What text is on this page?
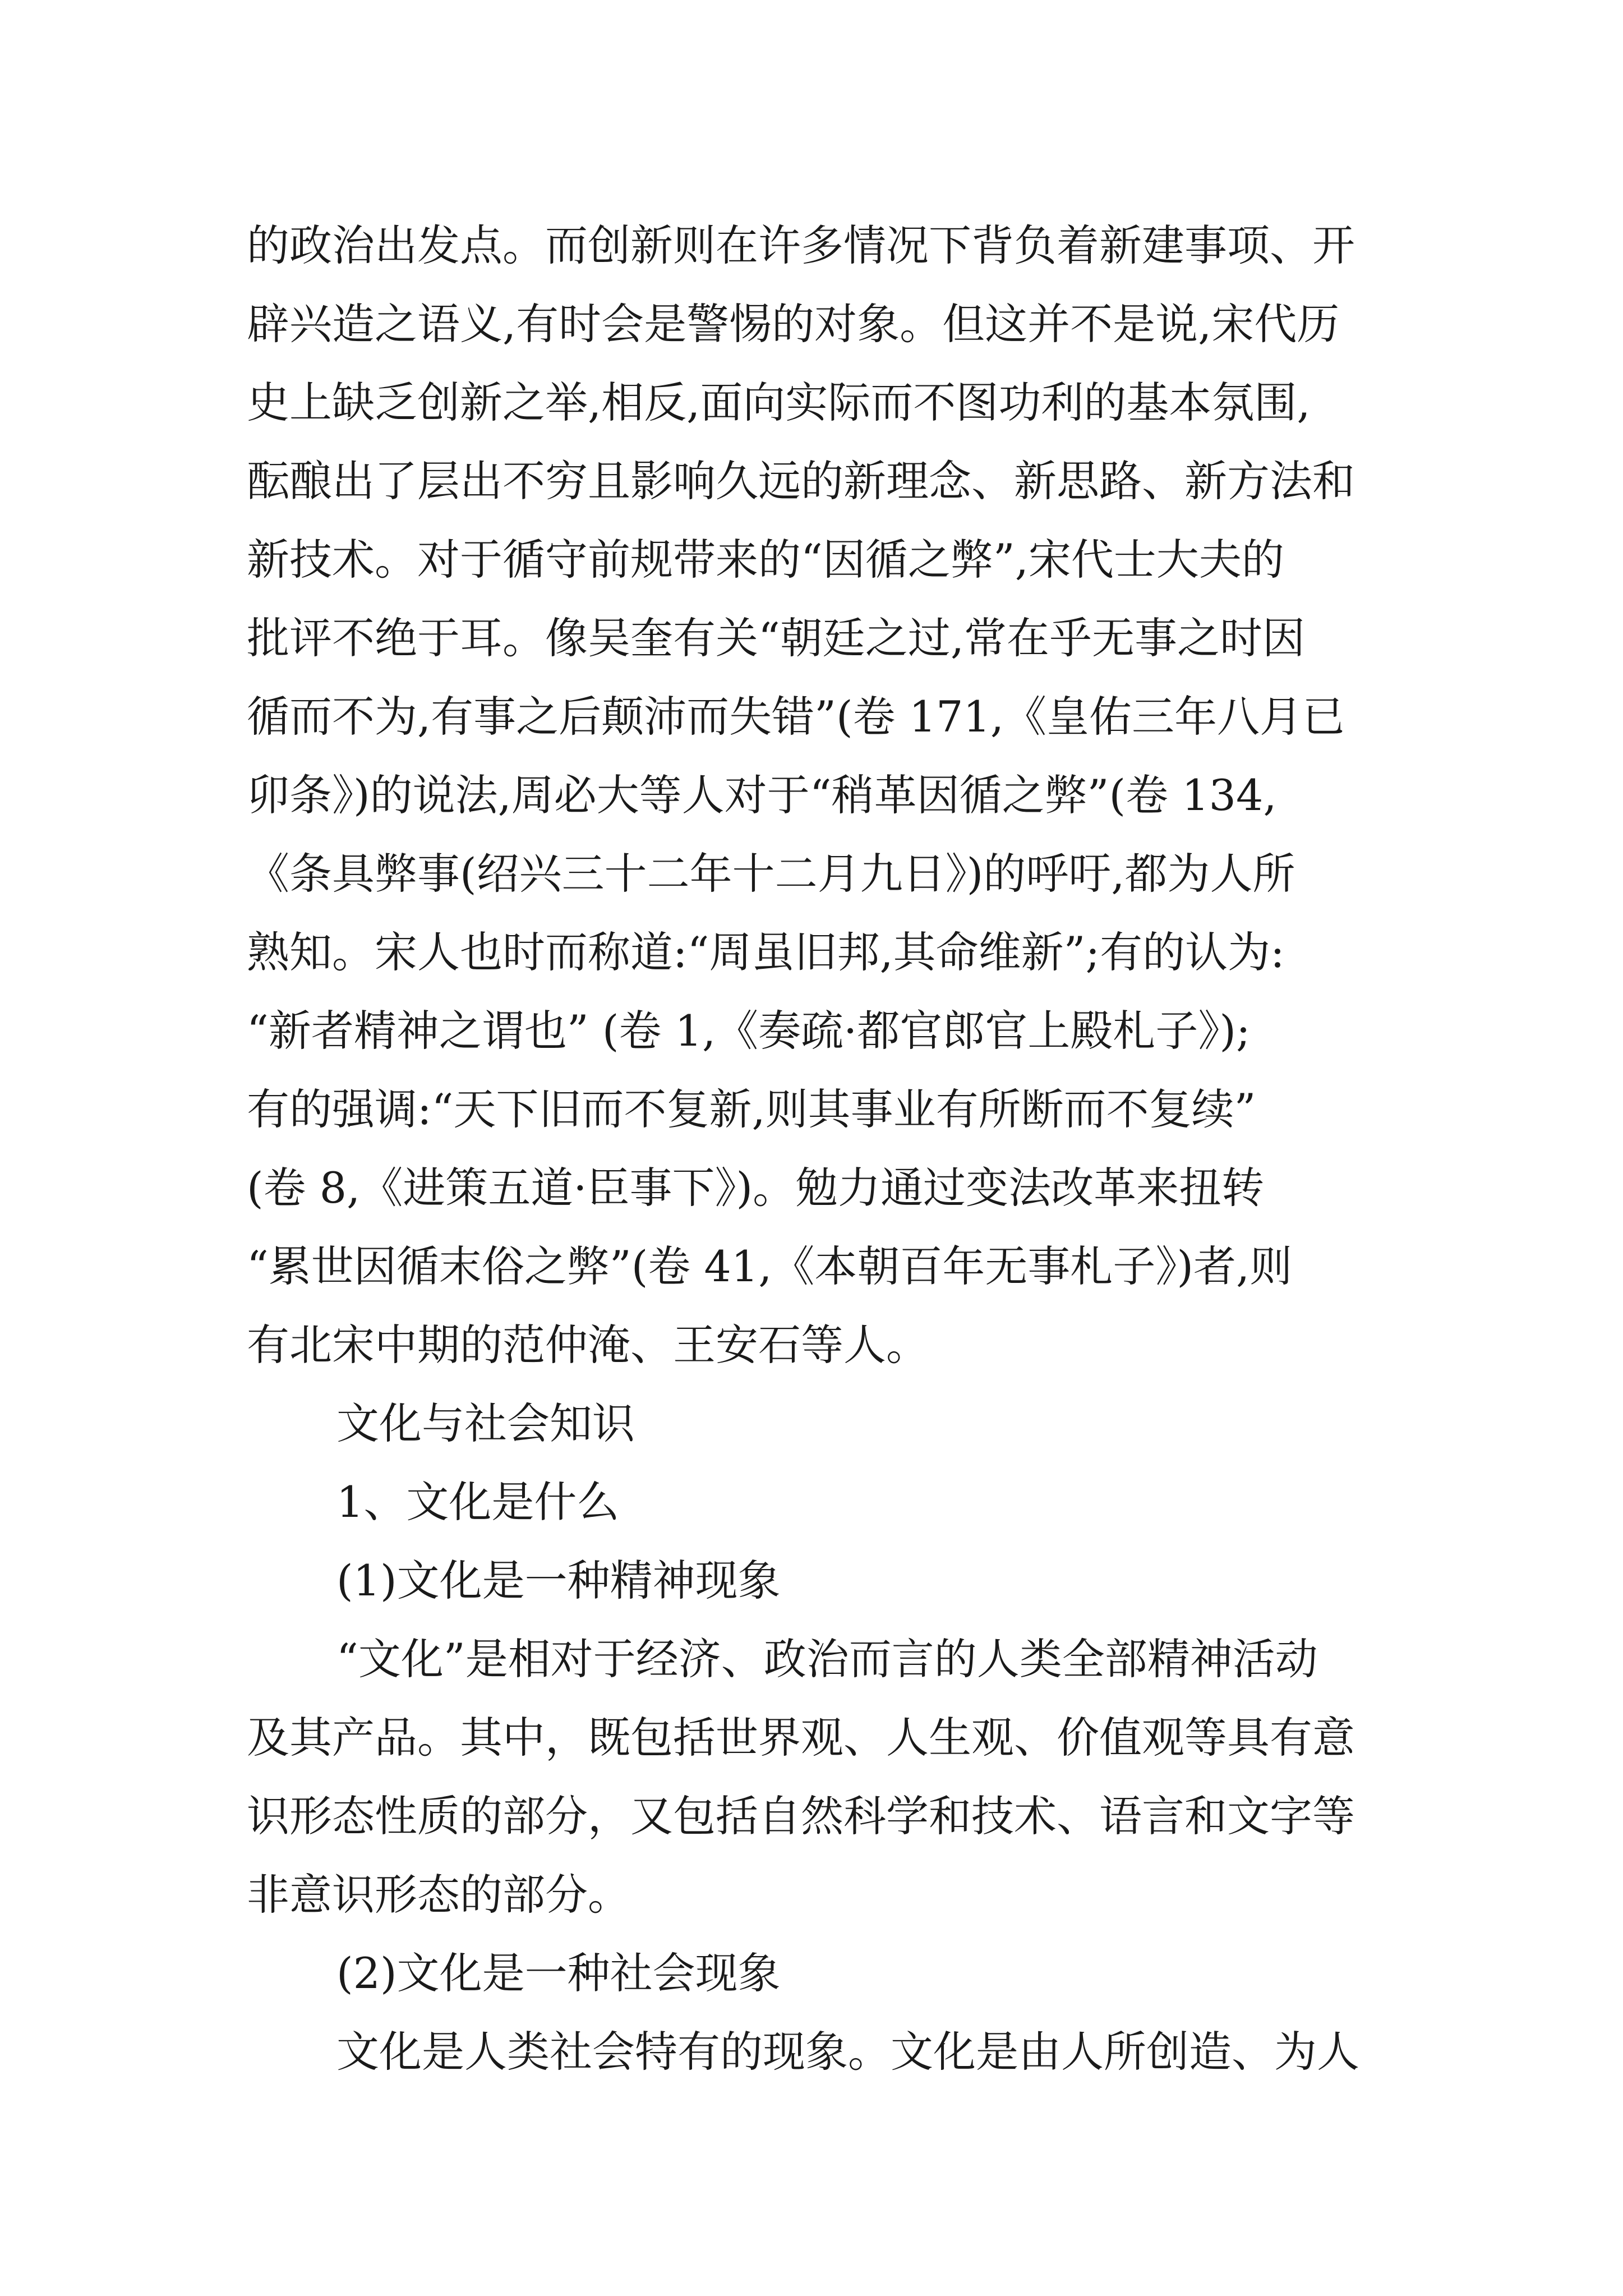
的政治出发点。而创新则在许多情况下背负着新建事项、开
辟兴造之语义,有时会是警惕的对象。但这并不是说,宋代历
史上缺乏创新之举,相反,面向实际而不图功利的基本氛围,
酝酿出了层出不穷且影响久远的新理念、新思路、新方法和
新技术。对于循守前规带来的“因循之弊”,宋代士大夫的
批评不绝于耳。像吴奎有关“朝廷之过,常在乎无事之时因
循而不为,有事之后颠沛而失错”(卷 171,《皇佑三年八月已
卯条》)的说法,周必大等人对于“稍革因循之弊”(卷 134,
《条具弊事(绍兴三十二年十二月九日》)的呼吁,都为人所
熟知。宋人也时而称道:“周虽旧邦,其命维新”;有的认为:
“新者精神之谓也” (卷 1,《奏疏·都官郎官上殿札子》);
有的强调:“天下旧而不复新,则其事业有所断而不复续”
(卷 8,《进策五道·臣事下》)。勉力通过变法改革来扭转
“累世因循末俗之弊”(卷 41,《本朝百年无事札子》)者,则
有北宋中期的范仲淹、王安石等人。
文化与社会知识
1、文化是什么
(1)文化是一种精神现象
“文化”是相对于经济、政治而言的人类全部精神活动
及其产品。其中，既包括世界观、人生观、价值观等具有意
识形态性质的部分，又包括自然科学和技术、语言和文字等
非意识形态的部分。
(2)文化是一种社会现象
文化是人类社会特有的现象。文化是由人所创造、为人
